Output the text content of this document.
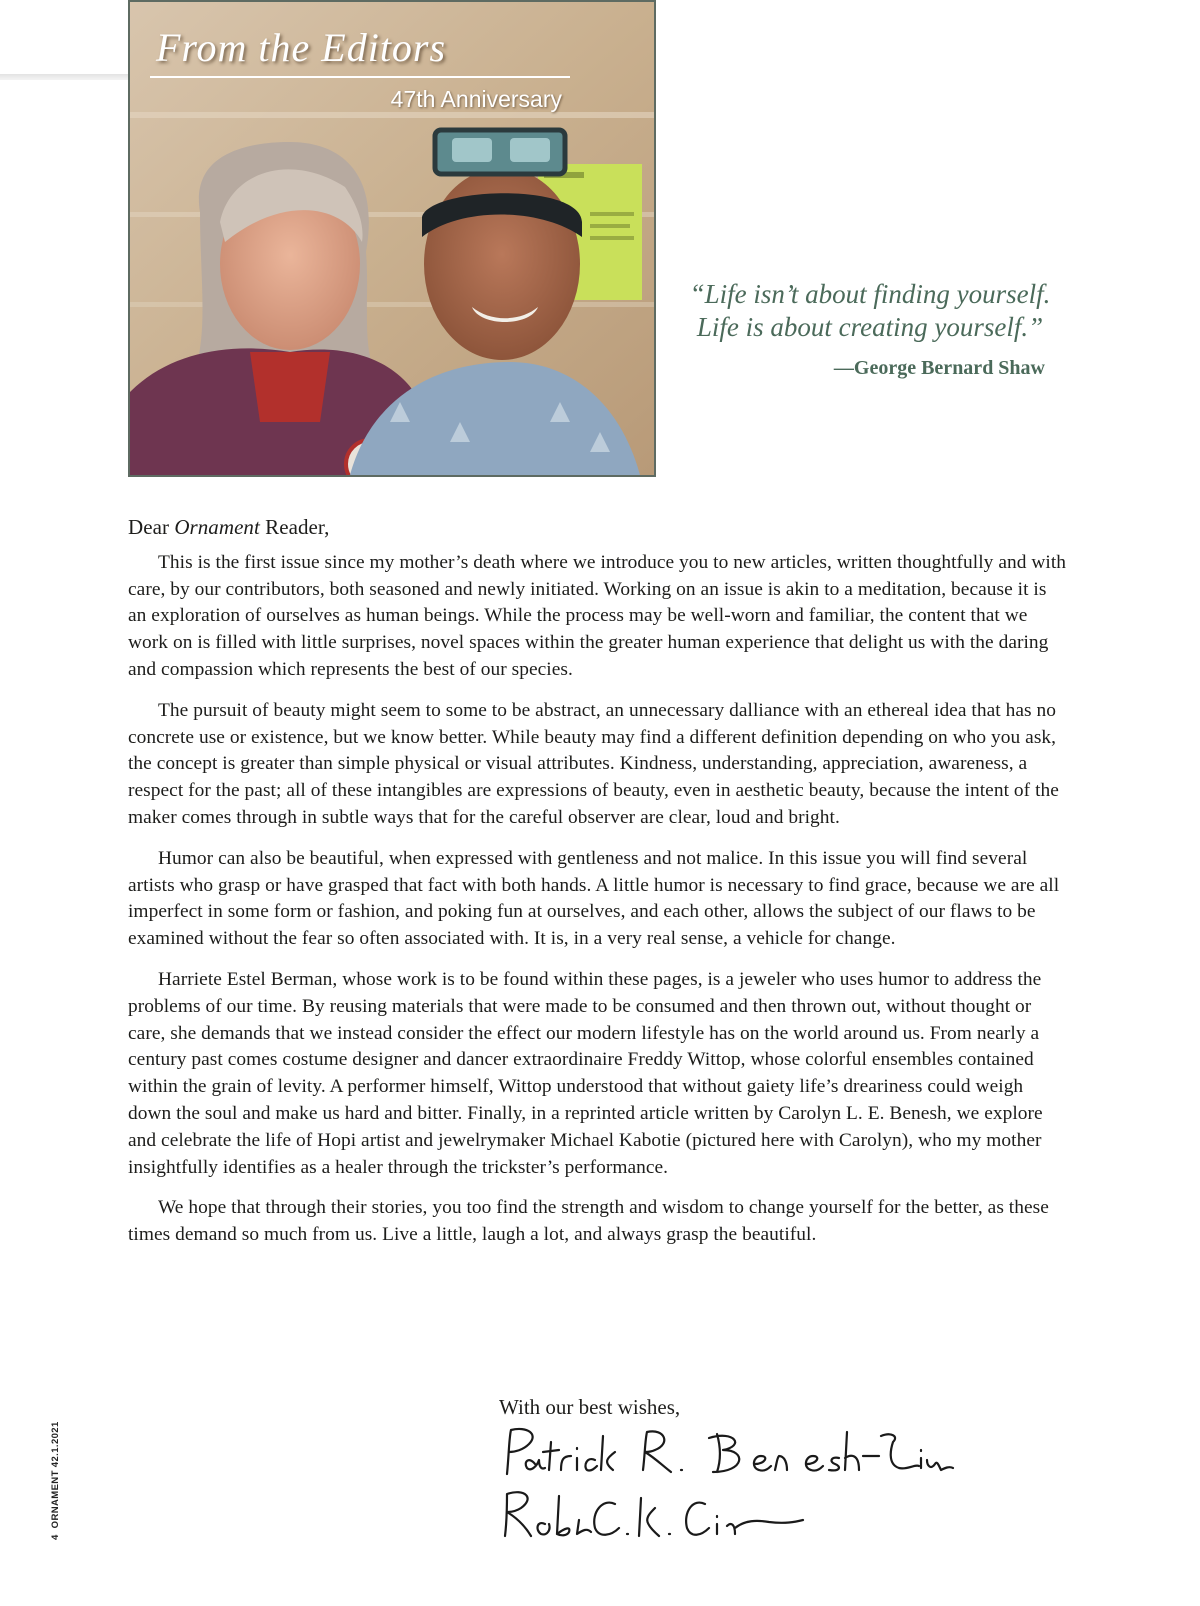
From the Editors
47th Anniversary

“Life isn’t about finding yourself.

Life is about creating yourself.”

—George Bernard Shaw

Dear Ornament Reader,

This is the first issue since my mother’s death where we introduce you to new articles, written thoughtfully and with care, by our contributors, both seasoned and newly initiated. Working on an issue is akin to a meditation, because it is an exploration of ourselves as human beings. While the process may be well-worn and familiar, the content that we work on is filled with little surprises, novel spaces within the greater human experience that delight us with the daring and compassion which represents the best of our species.

The pursuit of beauty might seem to some to be abstract, an unnecessary dalliance with an ethereal idea that has no concrete use or existence, but we know better. While beauty may find a different definition depending on who you ask, the concept is greater than simple physical or visual attributes. Kindness, understanding, appreciation, awareness, a respect for the past; all of these intangibles are expressions of beauty, even in aesthetic beauty, because the intent of the maker comes through in subtle ways that for the careful observer are clear, loud and bright.

Humor can also be beautiful, when expressed with gentleness and not malice. In this issue you will find several artists who grasp or have grasped that fact with both hands. A little humor is necessary to find grace, because we are all imperfect in some form or fashion, and poking fun at ourselves, and each other, allows the subject of our flaws to be examined without the fear so often associated with. It is, in a very real sense, a vehicle for change.

Harriete Estel Berman, whose work is to be found within these pages, is a jeweler who uses humor to address the problems of our time. By reusing materials that were made to be consumed and then thrown out, without thought or care, she demands that we instead consider the effect our modern lifestyle has on the world around us. From nearly a century past comes costume designer and dancer extraordinaire Freddy Wittop, whose colorful ensembles contained within the grain of levity. A performer himself, Wittop understood that without gaiety life’s dreariness could weigh down the soul and make us hard and bitter. Finally, in a reprinted article written by Carolyn L. E. Benesh, we explore and celebrate the life of Hopi artist and jewelrymaker Michael Kabotie (pictured here with Carolyn), who my mother insightfully identifies as a healer through the trickster’s performance.

We hope that through their stories, you too find the strength and wisdom to change yourself for the better, as these times demand so much from us. Live a little, laugh a lot, and always grasp the beautiful.

With our best wishes,
4ORNAMENT 42.1.2021
